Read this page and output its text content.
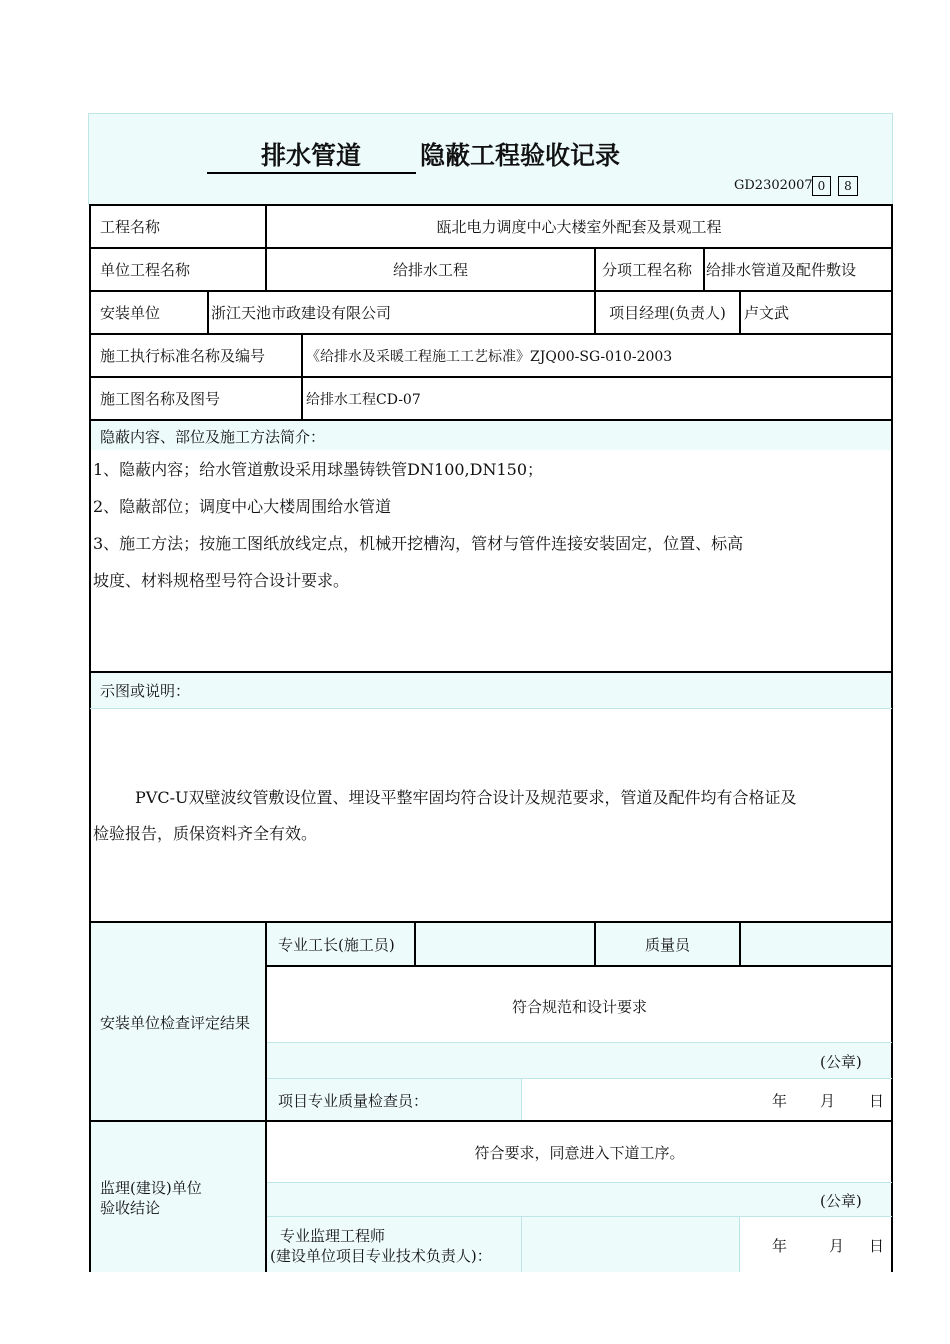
排水管道 隐蔽工程验收记录
GD2302007 0	8
工程名称	瓯北电力调度中心大楼室外配套及景观工程
单位工程名称	给排水工程	分项工程名称 给排水管道及配件敷设
安装单位	浙江天池市政建设有限公司	项目经理(负责人)	卢文武
施工执行标准名称及编号	《给排水及采暖工程施工工艺标准》ZJQ00-SG-010-2003
施工图名称及图号	给排水工程CD-07
隐蔽内容、部位及施工方法简介：
1、隐蔽内容；给水管道敷设采用球墨铸铁管DN100,DN150；
2、隐蔽部位；调度中心大楼周围给水管道
3、施工方法；按施工图纸放线定点，机械开挖槽沟，管材与管件连接安装固定，位置、标高
坡度、材料规格型号符合设计要求。
示图或说明：
PVC-U双壁波纹管敷设位置、埋设平整牢固均符合设计及规范要求，管道及配件均有合格证及
检验报告，质保资料齐全有效。
安装单位检查评定结果
专业工长(施工员)	质量员
符合规范和设计要求
(公章)
项目专业质量检查员：	年 月 日
监理(建设)单位
验收结论
符合要求，同意进入下道工序。
(公章)
专业监理工程师
(建设单位项目专业技术负责人)：
年	月 日
